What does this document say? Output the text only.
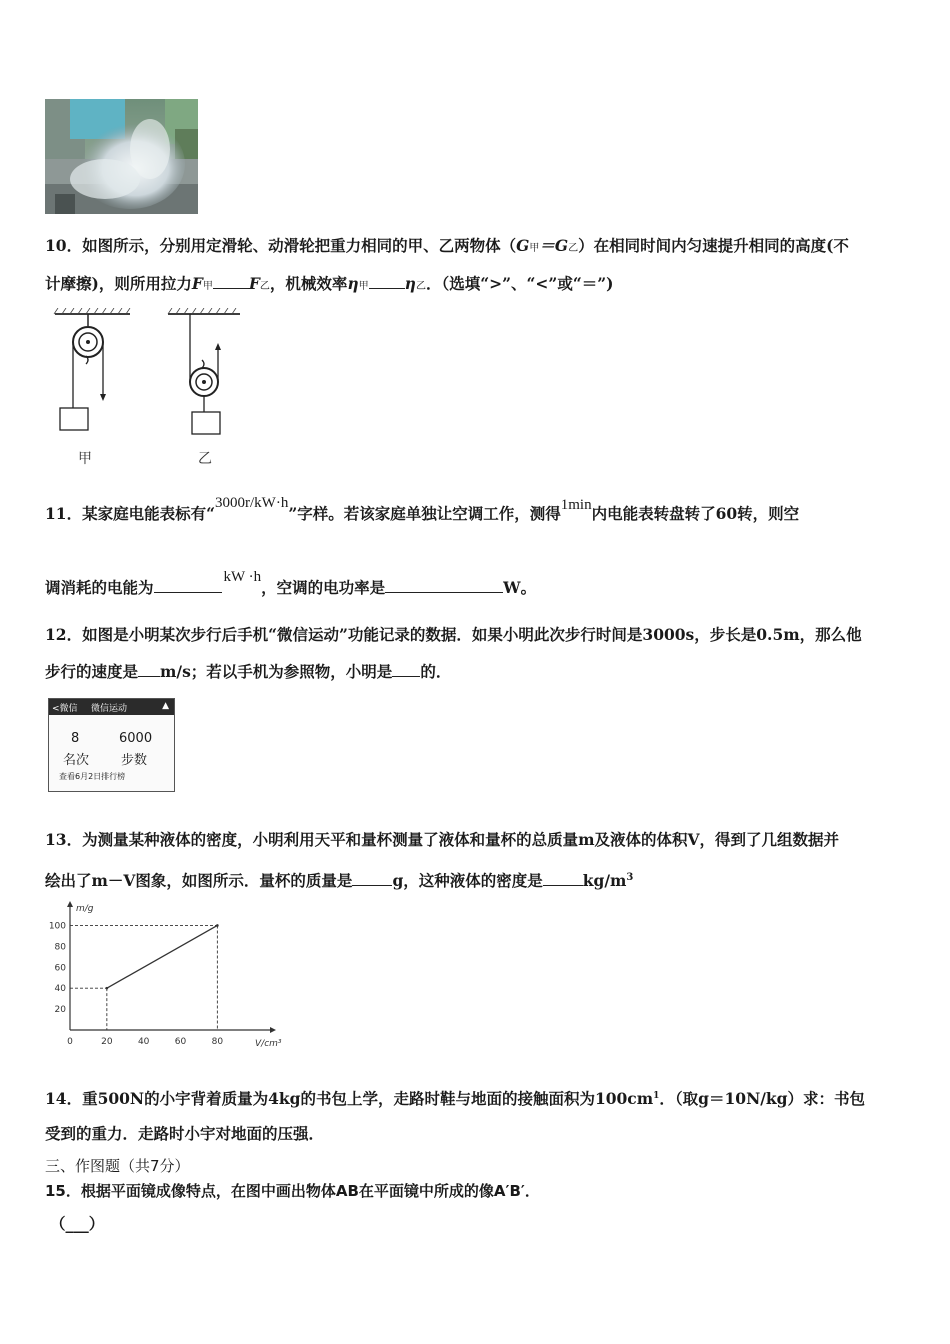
10．如图所示，分别用定滑轮、动滑轮把重力相同的甲、乙两物体（G甲＝G乙）在相同时间内匀速提升相同的高度(不
计摩擦)，则所用拉力F甲 F乙，机械效率η甲 η乙．（选填“>”、“<”或“＝”)
甲	乙
11．某家庭电能表标有“3000r/kW·h”字样。若该家庭单独让空调工作，测得1min内电能表转盘转了60转，则空
调消耗的电能为kW ·h，空调的电功率是	W。
12．如图是小明某次步行后手机“微信运动”功能记录的数据．如果小明此次步行时间是3000s，步长是0.5m，那么他
步行的速度是 m/s；若以手机为参照物，小明是 的．
<微信 微信运动	▲
8	6000
名次 步数
查看6月2日排行榜
13．为测量某种液体的密度，小明利用天平和量杯测量了液体和量杯的总质量m及液体的体积V，得到了几组数据并
绘出了m－V图象，如图所示．量杯的质量是	g，这种液体的密度是	$kg/m^3$
0	20	40	60	80
20
40
60
80
100
V/cm³
m/g
14．重500N的小宇背着质量为4kg的书包上学，走路时鞋与地面的接触面积为$100cm^1$．（取g＝10N/kg）求：书包
受到的重力．走路时小宇对地面的压强．
三、作图题（共7分）
15．根据平面镜成像特点，在图中画出物体AB在平面镜中所成的像A′B′．
（___）
